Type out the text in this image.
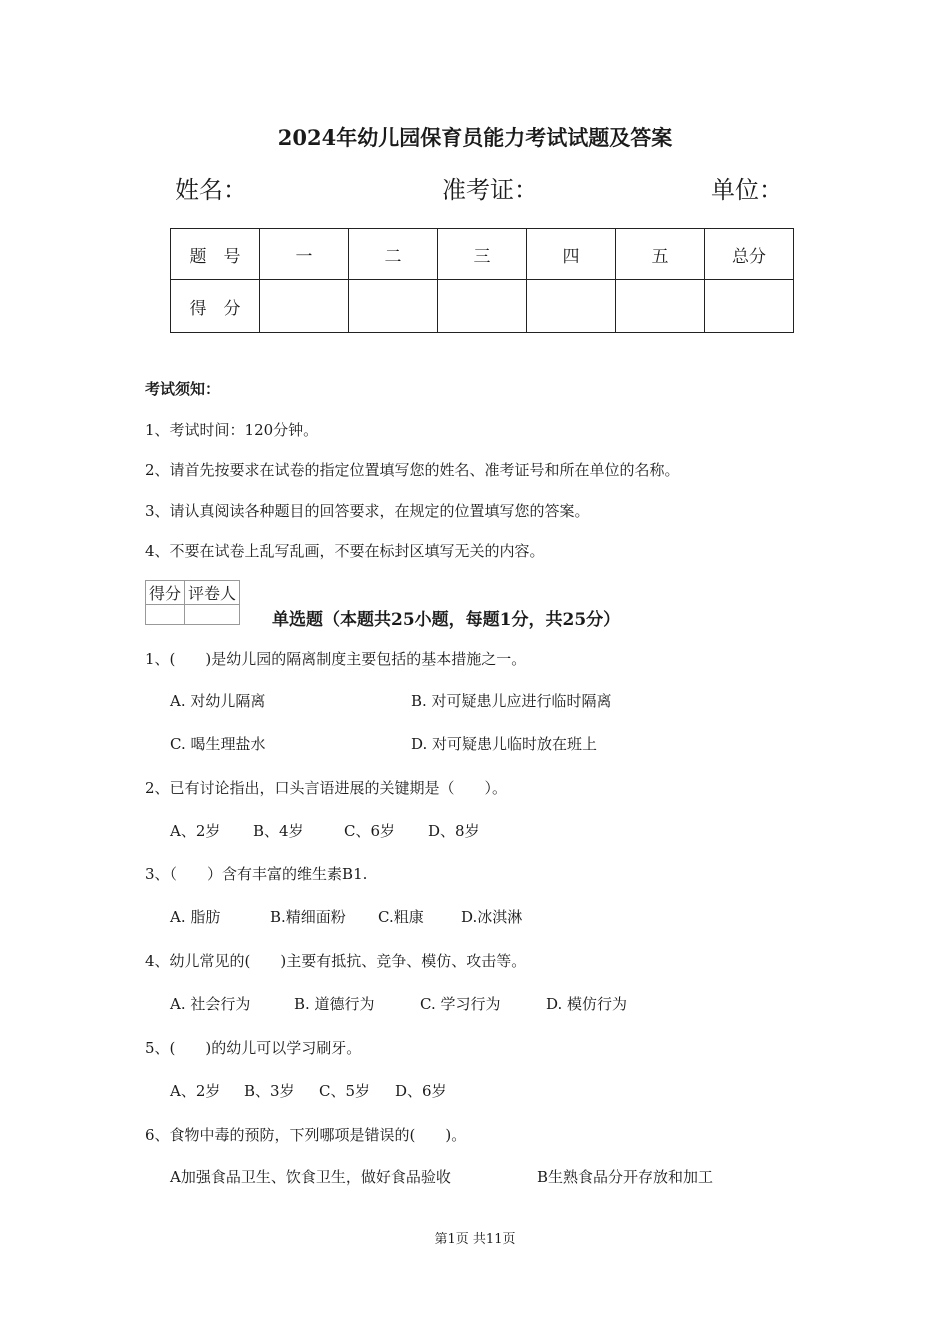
2024年幼儿园保育员能力考试试题及答案
姓名：	准考证：	单位：
题　号	一	二	三	四	五	总分
得　分						
考试须知：
1、考试时间：120分钟。
2、请首先按要求在试卷的指定位置填写您的姓名、准考证号和所在单位的名称。
3、请认真阅读各种题目的回答要求，在规定的位置填写您的答案。
4、不要在试卷上乱写乱画，不要在标封区填写无关的内容。
得分	评卷人

单选题（本题共25小题，每题1分，共25分）
1、(　　)是幼儿园的隔离制度主要包括的基本措施之一。
A. 对幼儿隔离	B. 对可疑患儿应进行临时隔离
C. 喝生理盐水	D. 对可疑患儿临时放在班上
2、已有讨论指出，口头言语进展的关键期是（　　）。
A、2岁 B、4岁	C、6岁 D、8岁
3、（　　）含有丰富的维生素B1.
A. 脂肪	B.精细面粉 C.粗康 D.冰淇淋
4、幼儿常见的(　　)主要有抵抗、竞争、模仿、攻击等。
A. 社会行为	B. 道德行为	C. 学习行为	D. 模仿行为
5、(　　)的幼儿可以学习刷牙。
A、2岁 B、3岁 C、5岁 D、6岁
6、食物中毒的预防，下列哪项是错误的(　　)。
A加强食品卫生、饮食卫生，做好食品验收	B生熟食品分开存放和加工
第1页 共11页
